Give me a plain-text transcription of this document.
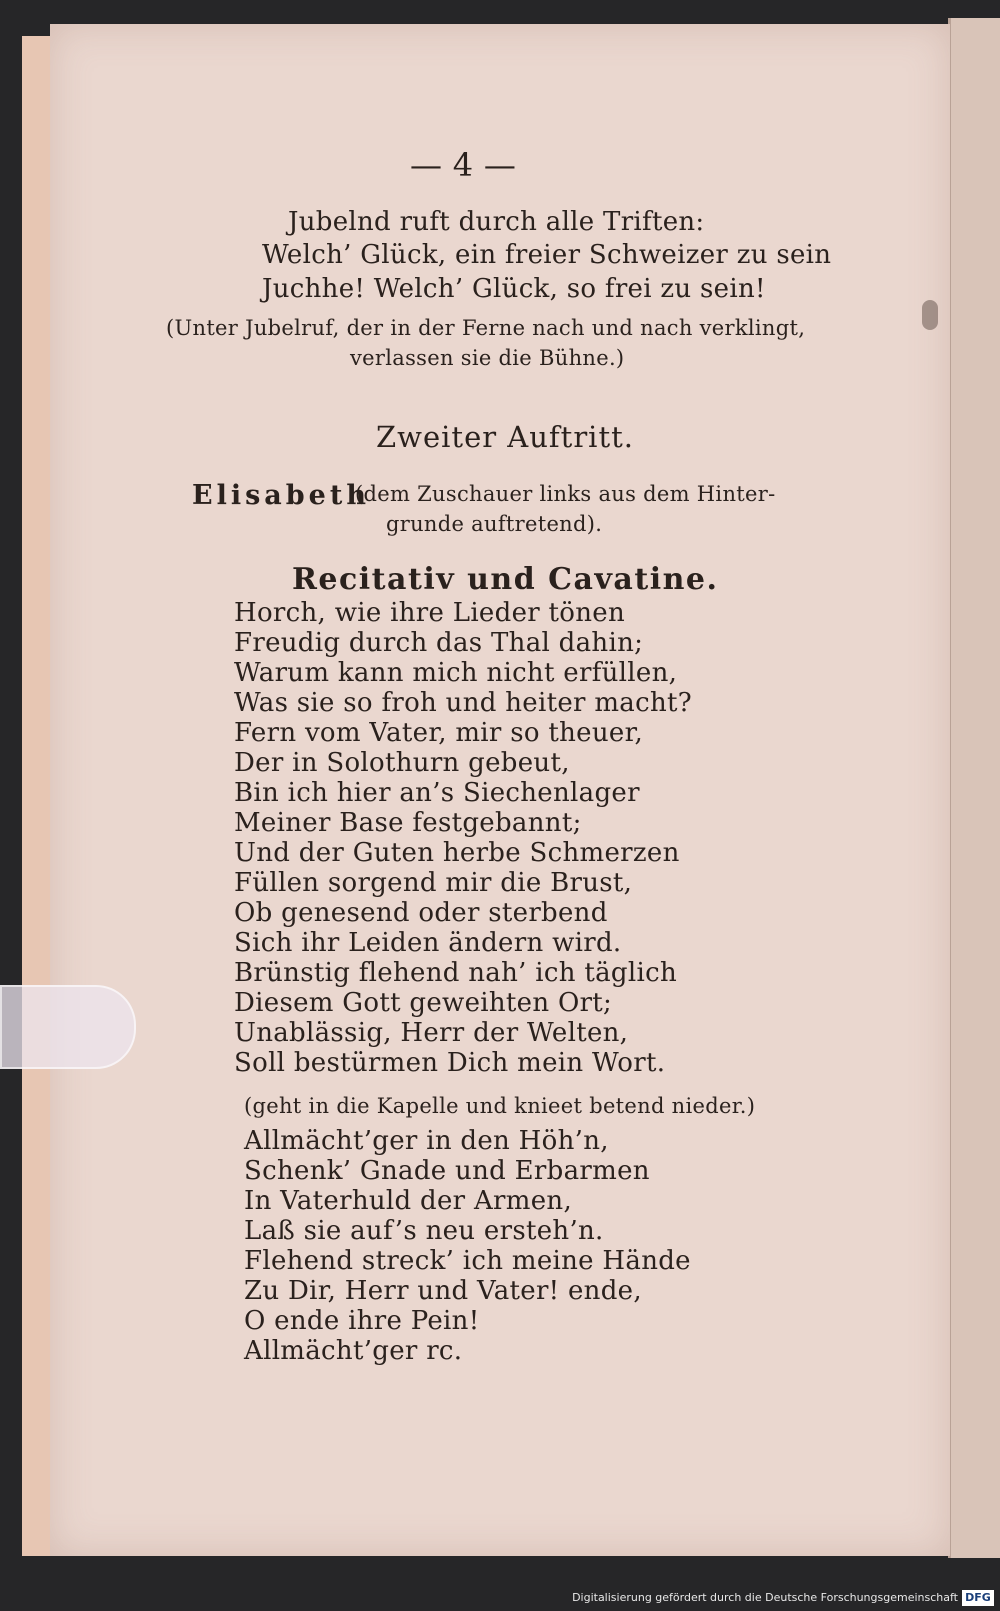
— 4 —
Jubelnd ruft durch alle Triften:
Welch’ Glück, ein freier Schweizer zu sein
Juchhe! Welch’ Glück, so frei zu sein!
(Unter Jubelruf, der in der Ferne nach und nach verklingt,
verlassen sie die Bühne.)
Zweiter Auftritt.
Elisabeth
(dem Zuschauer links aus dem Hinter-
grunde auftretend).
Recitativ und Cavatine.
Horch, wie ihre Lieder tönen
Freudig durch das Thal dahin;
Warum kann mich nicht erfüllen,
Was sie so froh und heiter macht?
Fern vom Vater, mir so theuer,
Der in Solothurn gebeut,
Bin ich hier an’s Siechenlager
Meiner Base festgebannt;
Und der Guten herbe Schmerzen
Füllen sorgend mir die Brust,
Ob genesend oder sterbend
Sich ihr Leiden ändern wird.
Brünstig flehend nah’ ich täglich
Diesem Gott geweihten Ort;
Unablässig, Herr der Welten,
Soll bestürmen Dich mein Wort.
(geht in die Kapelle und knieet betend nieder.)
Allmächt’ger in den Höh’n,
Schenk’ Gnade und Erbarmen
In Vaterhuld der Armen,
Laß sie auf’s neu ersteh’n.
Flehend streck’ ich meine Hände
Zu Dir, Herr und Vater! ende,
O ende ihre Pein!
Allmächt’ger rc.
Digitalisierung gefördert durch die Deutsche Forschungsgemeinschaft DFG
